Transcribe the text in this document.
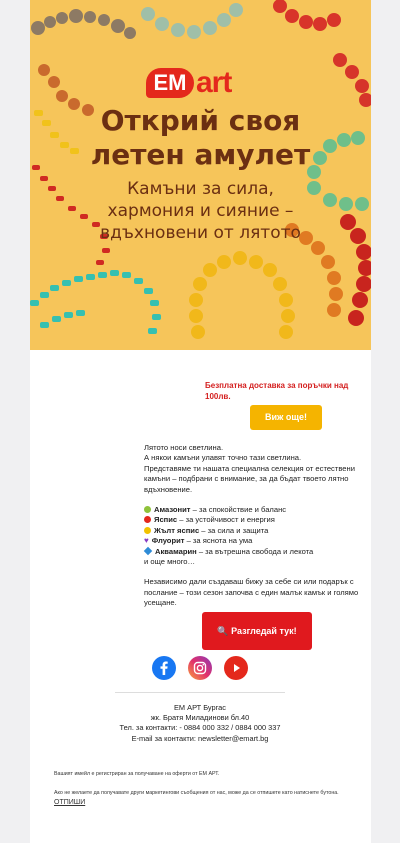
EМ art
Открий своя
летен амулет
Камъни за сила,
хармония и сияние –
вдъхновени от лятото
Безплатна доставка за поръчки над 100лв.
Виж още!

Лятото носи светлина.
А някои камъни улавят точно тази светлина.
Представяме ти нашата специална селекция от естествени камъни – подбрани с внимание, за да бъдат твоето лятно вдъхновение.

Амазонит – за спокойствие и баланс
Яспис – за устойчивост и енергия
Жълт яспис – за сила и защита
♥ Флуорит – за яснота на ума
Аквамарин – за вътрешна свобода и лекота
и още много…

Независимо дали създаваш бижу за себе си или подарък с послание – този сезон започва с един малък камък и голямо усещане.

🔍 Разгледай тук!
ЕМ АРТ Бургас
жк. Братя Миладинови бл.40
Тел. за контакти: - 0884 000 332 / 0884 000 337
E-mail за контакти: newsletter@emart.bg
Вашият имейл е регистриран за получаване на оферти от ЕМ АРТ.
Ако не желаете да получавате други маркетингови съобщения от нас, може да се отпишете като натиснете бутона.
ОТПИШИ
